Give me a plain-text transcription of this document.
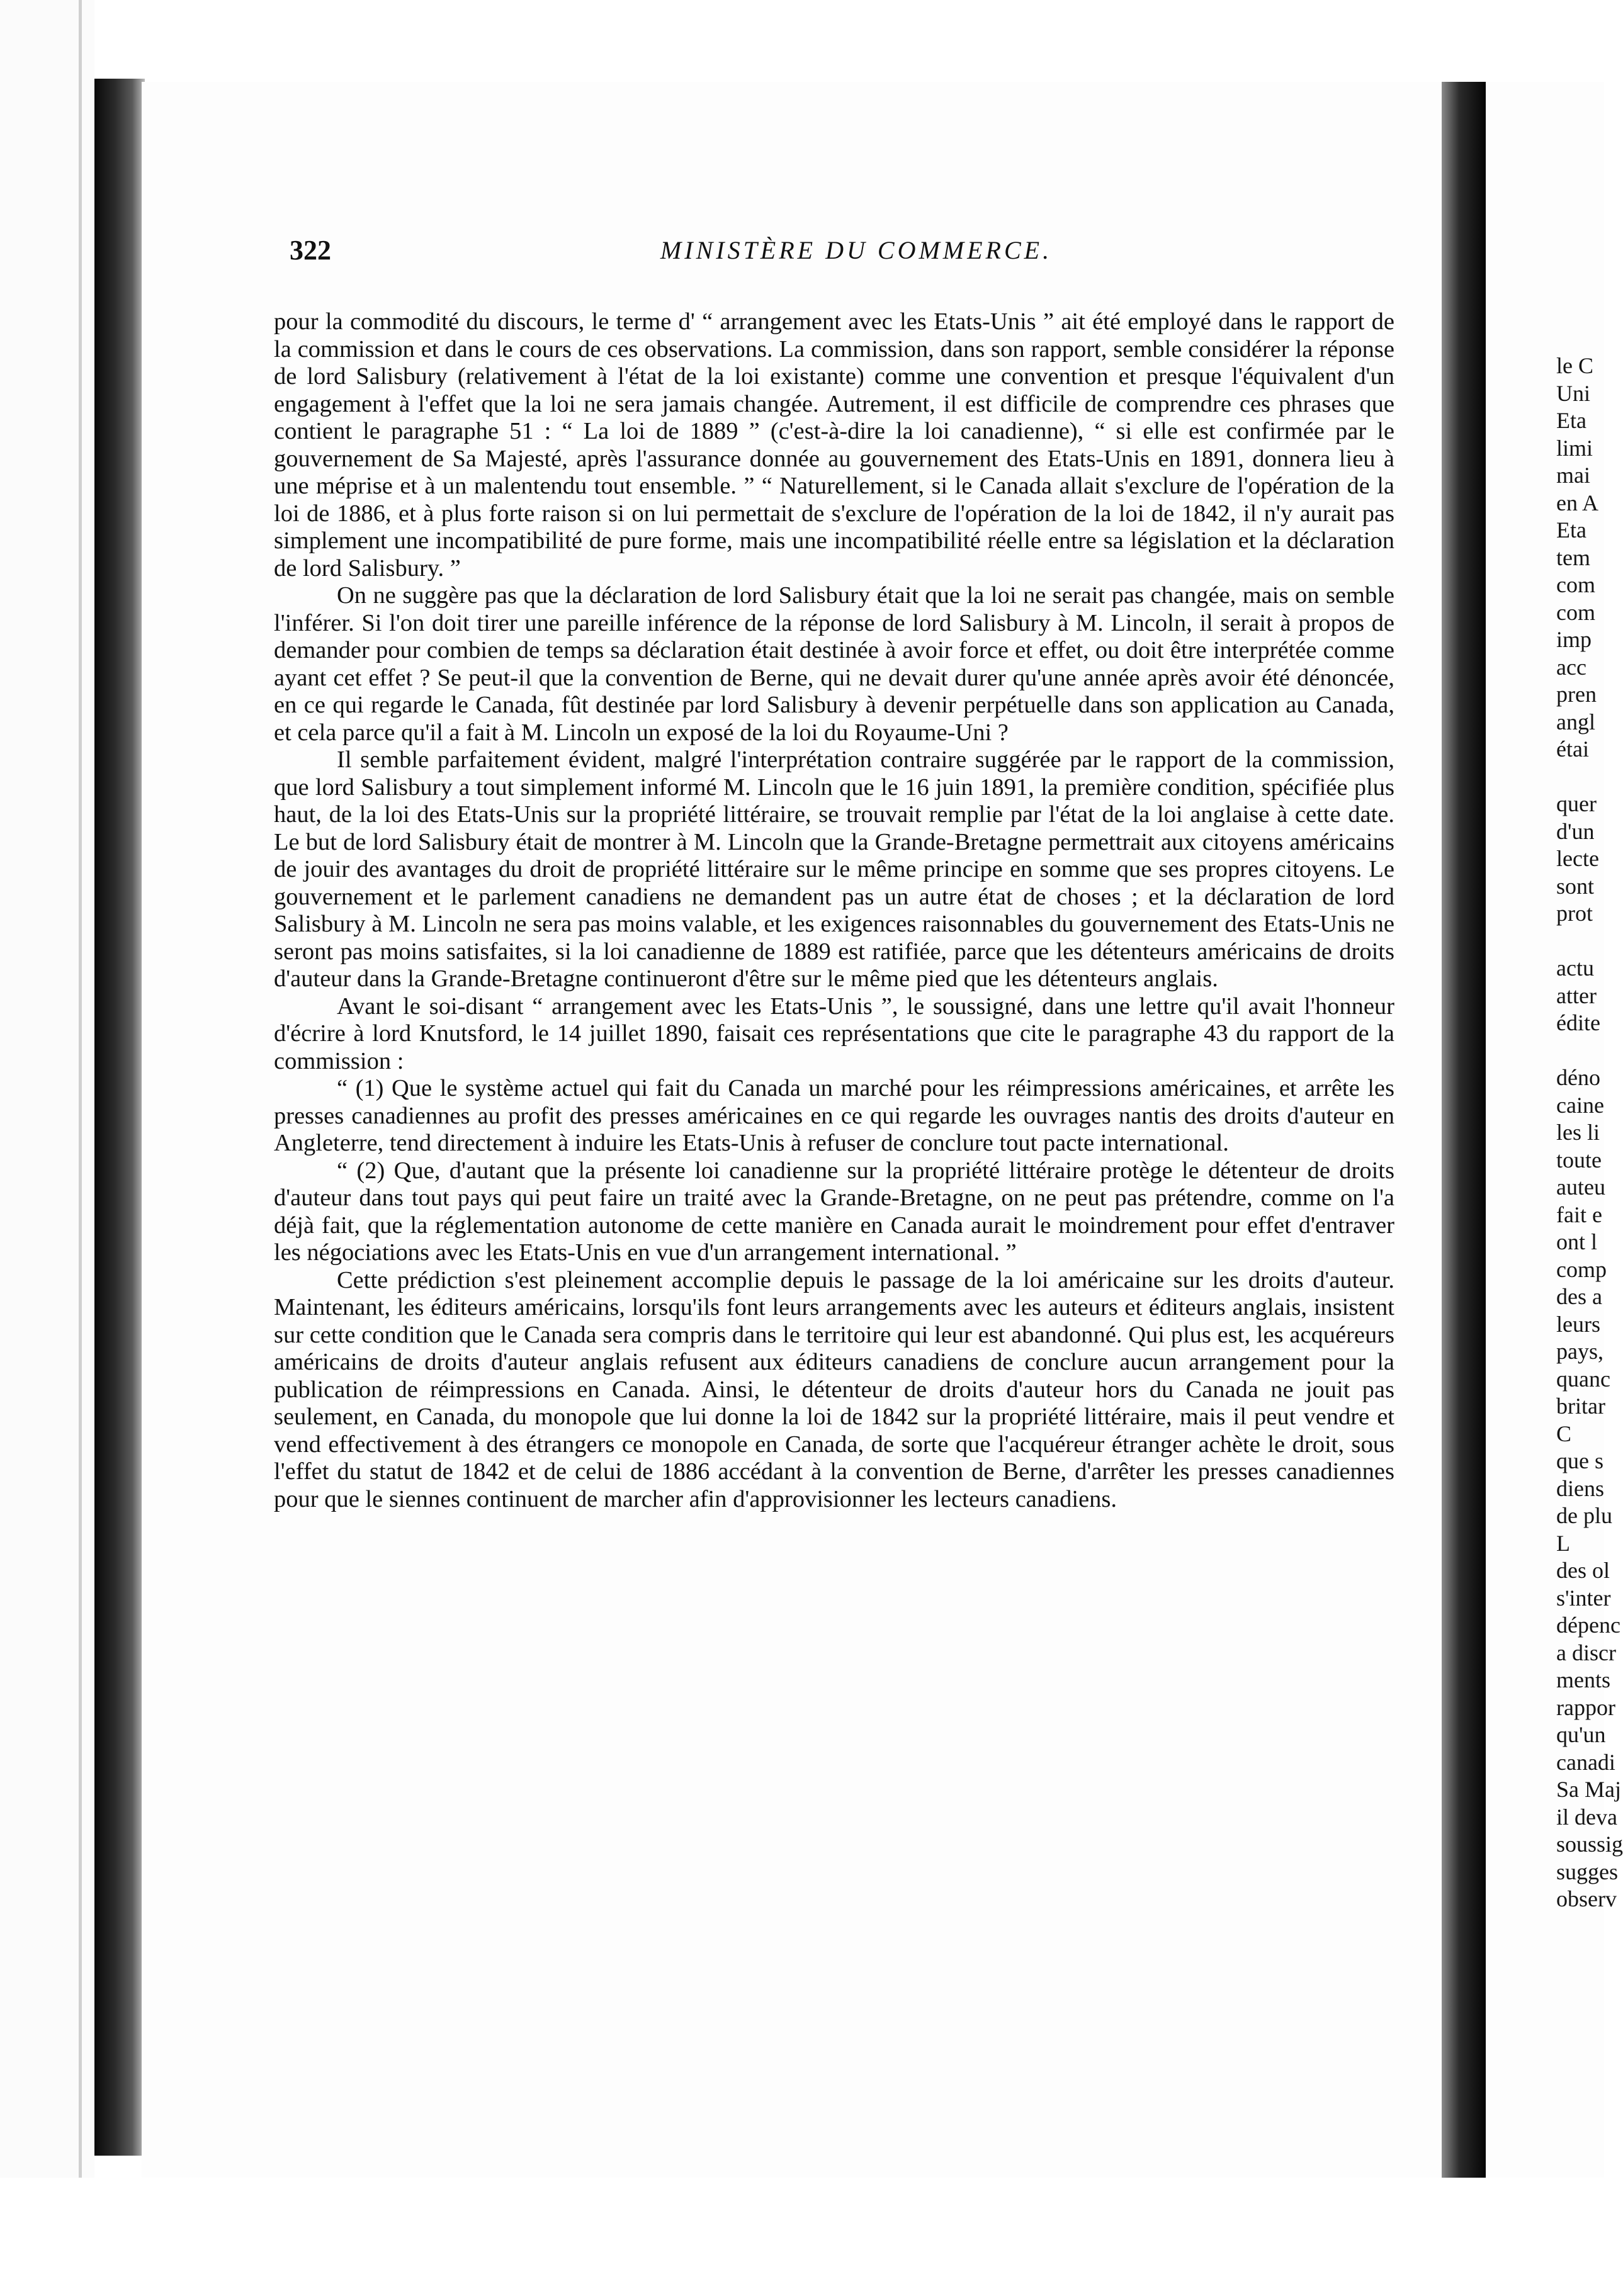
322	MINISTÈRE DU COMMERCE.

pour la commodité du discours, le terme d' “ arrangement avec les Etats-Unis ” ait été employé dans le rapport de la commission et dans le cours de ces observations. La commission, dans son rapport, semble considérer la réponse de lord Salisbury (relativement à l'état de la loi existante) comme une convention et presque l'équivalent d'un engagement à l'effet que la loi ne sera jamais changée. Autrement, il est difficile de comprendre ces phrases que contient le paragraphe 51 : “ La loi de 1889 ” (c'est-à-dire la loi canadienne), “ si elle est confirmée par le gouvernement de Sa Majesté, après l'assurance donnée au gouvernement des Etats-Unis en 1891, donnera lieu à une méprise et à un malentendu tout ensemble. ” “ Naturellement, si le Canada allait s'exclure de l'opération de la loi de 1886, et à plus forte raison si on lui permettait de s'exclure de l'opération de la loi de 1842, il n'y aurait pas simplement une incompatibilité de pure forme, mais une incompatibilité réelle entre sa législation et la déclaration de lord Salisbury. ”

On ne suggère pas que la déclaration de lord Salisbury était que la loi ne serait pas changée, mais on semble l'inférer. Si l'on doit tirer une pareille inférence de la réponse de lord Salisbury à M. Lincoln, il serait à propos de demander pour combien de temps sa déclaration était destinée à avoir force et effet, ou doit être interprétée comme ayant cet effet ? Se peut-il que la convention de Berne, qui ne devait durer qu'une année après avoir été dénoncée, en ce qui regarde le Canada, fût destinée par lord Salisbury à devenir perpétuelle dans son application au Canada, et cela parce qu'il a fait à M. Lincoln un exposé de la loi du Royaume-Uni ?

Il semble parfaitement évident, malgré l'interprétation contraire suggérée par le rapport de la commission, que lord Salisbury a tout simplement informé M. Lincoln que le 16 juin 1891, la première condition, spécifiée plus haut, de la loi des Etats-Unis sur la propriété littéraire, se trouvait remplie par l'état de la loi anglaise à cette date. Le but de lord Salisbury était de montrer à M. Lincoln que la Grande-Bretagne permettrait aux citoyens américains de jouir des avantages du droit de propriété littéraire sur le même principe en somme que ses propres citoyens. Le gouvernement et le parlement canadiens ne demandent pas un autre état de choses ; et la déclaration de lord Salisbury à M. Lincoln ne sera pas moins valable, et les exigences raisonnables du gouvernement des Etats-Unis ne seront pas moins satisfaites, si la loi canadienne de 1889 est ratifiée, parce que les détenteurs américains de droits d'auteur dans la Grande-Bretagne continueront d'être sur le même pied que les détenteurs anglais.

Avant le soi-disant “ arrangement avec les Etats-Unis ”, le soussigné, dans une lettre qu'il avait l'honneur d'écrire à lord Knutsford, le 14 juillet 1890, faisait ces représentations que cite le paragraphe 43 du rapport de la commission :

“ (1) Que le système actuel qui fait du Canada un marché pour les réimpressions américaines, et arrête les presses canadiennes au profit des presses américaines en ce qui regarde les ouvrages nantis des droits d'auteur en Angleterre, tend directement à induire les Etats-Unis à refuser de conclure tout pacte international.

“ (2) Que, d'autant que la présente loi canadienne sur la propriété littéraire protège le détenteur de droits d'auteur dans tout pays qui peut faire un traité avec la Grande-Bretagne, on ne peut pas prétendre, comme on l'a déjà fait, que la réglementation autonome de cette manière en Canada aurait le moindrement pour effet d'entraver les négociations avec les Etats-Unis en vue d'un arrangement international. ”

Cette prédiction s'est pleinement accomplie depuis le passage de la loi américaine sur les droits d'auteur. Maintenant, les éditeurs américains, lorsqu'ils font leurs arrangements avec les auteurs et éditeurs anglais, insistent sur cette condition que le Canada sera compris dans le territoire qui leur est abandonné. Qui plus est, les acquéreurs américains de droits d'auteur anglais refusent aux éditeurs canadiens de conclure aucun arrangement pour la publication de réimpressions en Canada. Ainsi, le détenteur de droits d'auteur hors du Canada ne jouit pas seulement, en Canada, du monopole que lui donne la loi de 1842 sur la propriété littéraire, mais il peut vendre et vend effectivement à des étrangers ce monopole en Canada, de sorte que l'acquéreur étranger achète le droit, sous l'effet du statut de 1842 et de celui de 1886 accédant à la convention de Berne, d'arrêter les presses canadiennes pour que le siennes continuent de marcher afin d'approvisionner les lecteurs canadiens.

le C
Uni
Eta
limi
mai
en A
Eta
tem
com
com
imp
acc
pren
angl
étai
quer
d'un
lecte
sont
prot
actu
atter
édite
déno
caine
les li
toute
auteu
fait e
ont l
comp
des a
leurs
pays,
quanc
britar
C
que s
diens
de plu
L
des ol
s'inter
dépenc
a discr
ments
rappor
qu'un
canadi
Sa Maj
il deva
soussig
sugges
observ
